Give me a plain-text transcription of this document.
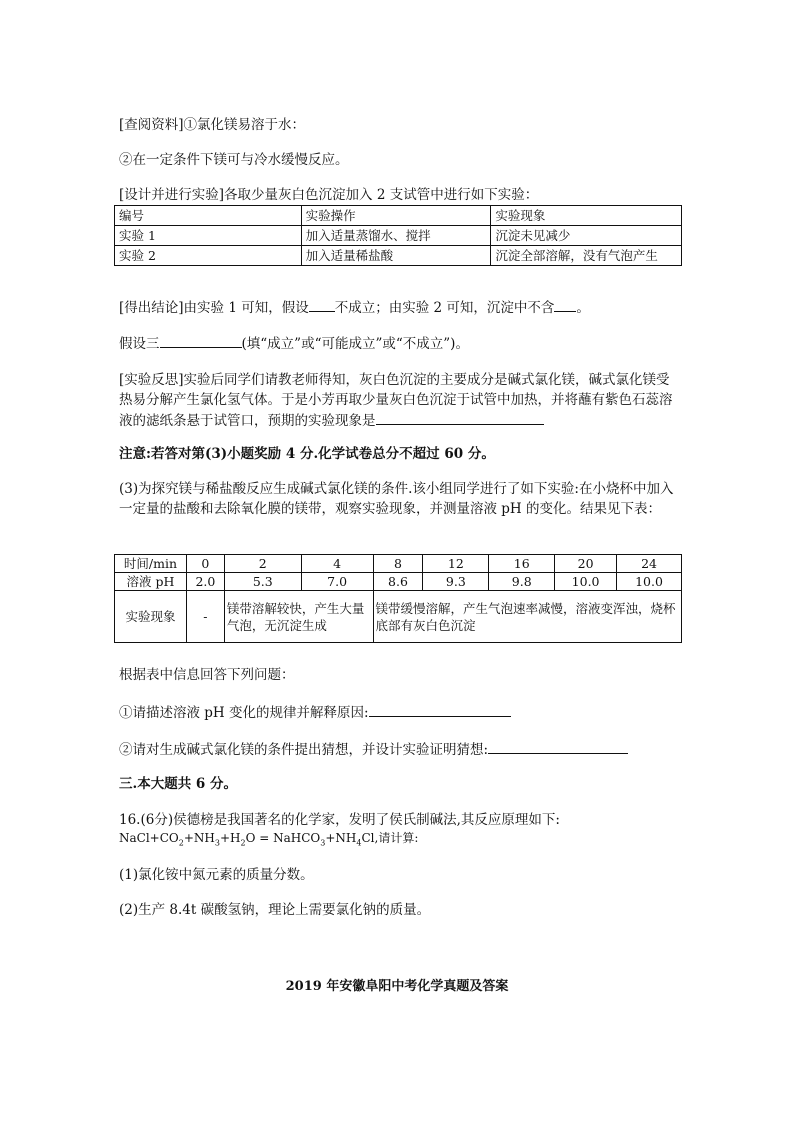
[查阅资料]①氯化镁易溶于水：
②在一定条件下镁可与冷水缓慢反应。
[设计并进行实验]各取少量灰白色沉淀加入 2 支试管中进行如下实验：
编号	实验操作	实验现象
实验 1	加入适量蒸馏水、搅拌	沉淀未见减少
实验 2	加入适量稀盐酸	沉淀全部溶解，没有气泡产生
[得出结论]由实验 1 可知，假设 不成立；由实验 2 可知，沉淀中不含 。
假设三	(填“成立”或“可能成立”或“不成立”)。
[实验反思]实验后同学们请教老师得知，灰白色沉淀的主要成分是碱式氯化镁，碱式氯化镁受热易分解产生氯化氢气体。于是小芳再取少量灰白色沉淀于试管中加热，并将蘸有紫色石蕊溶液的滤纸条悬于试管口，预期的实验现象是
注意:若答对第(3)小题奖励 4 分.化学试卷总分不超过 60 分。
(3)为探究镁与稀盐酸反应生成碱式氯化镁的条件.该小组同学进行了如下实验:在小烧杯中加入一定量的盐酸和去除氧化膜的镁带，观察实验现象，并测量溶液 pH 的变化。结果见下表：
时间/min	0	2	4	8	12	16	20	24
溶液 pH	2.0	5.3	7.0	8.6	9.3	9.8	10.0	10.0
实验现象	-	镁带溶解较快，产生大量气泡，无沉淀生成		镁带缓慢溶解，产生气泡速率减慢，溶液变浑浊，烧杯底部有灰白色沉淀				
根据表中信息回答下列问题：
①请描述溶液 pH 变化的规律并解释原因:
②请对生成碱式氯化镁的条件提出猜想，并设计实验证明猜想:
三.本大题共 6 分。
16.(6分)侯德榜是我国著名的化学家，发明了侯氏制碱法,其反应原理如下:
$NaCl+CO_2+NH_3+H_2O$ = $NaHCO_3+NH_4Cl$,请计算:
(1)氯化铵中氮元素的质量分数。
(2)生产 8.4t 碳酸氢钠，理论上需要氯化钠的质量。
2019 年安徽阜阳中考化学真题及答案
